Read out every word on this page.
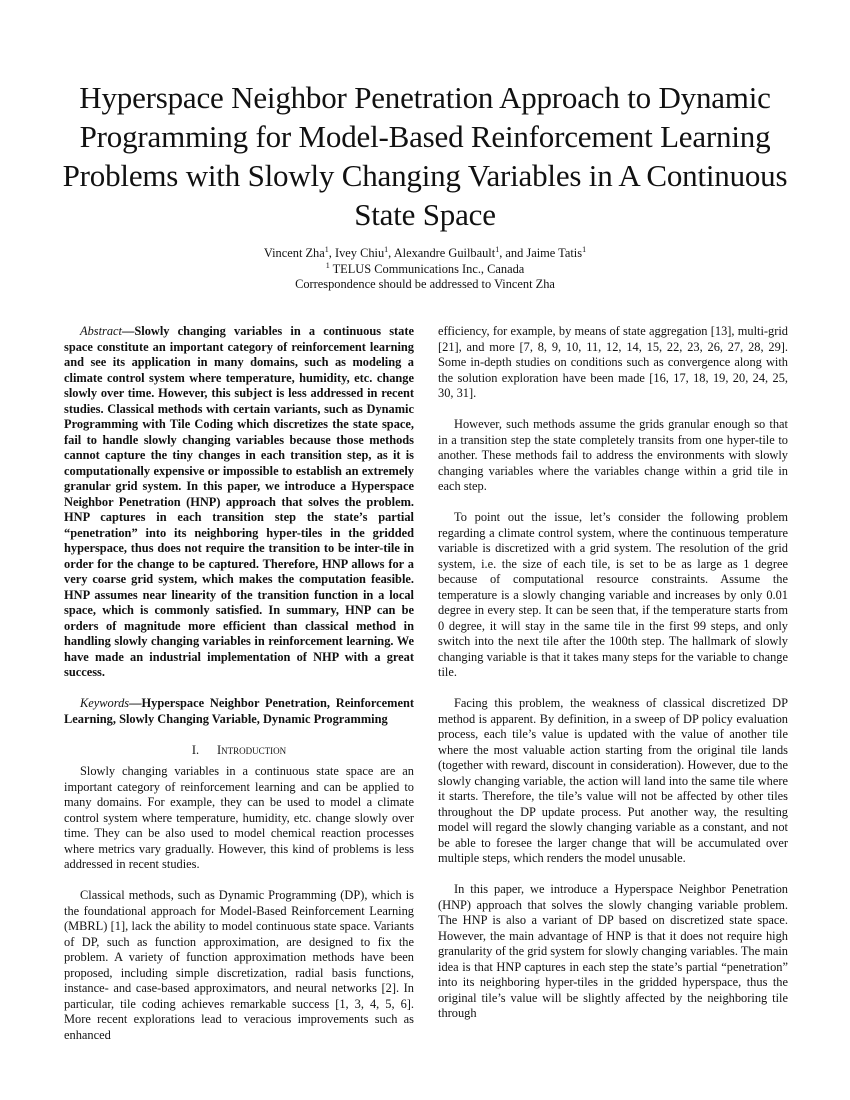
Hyperspace Neighbor Penetration Approach to Dynamic Programming for Model-Based Reinforcement Learning Problems with Slowly Changing Variables in A Continuous State Space
Vincent Zha$^1$, Ivey Chiu$^1$, Alexandre Guilbault$^1$, and Jaime Tatis$^1$
$^1$ TELUS Communications Inc., Canada
Correspondence should be addressed to Vincent Zha

Abstract—Slowly changing variables in a continuous state space constitute an important category of reinforcement learning and see its application in many domains, such as modeling a climate control system where temperature, humidity, etc. change slowly over time. However, this subject is less addressed in recent studies. Classical methods with certain variants, such as Dynamic Programming with Tile Coding which discretizes the state space, fail to handle slowly changing variables because those methods cannot capture the tiny changes in each transition step, as it is computationally expensive or impossible to establish an extremely granular grid system. In this paper, we introduce a Hyperspace Neighbor Penetration (HNP) approach that solves the problem. HNP captures in each transition step the state’s partial “penetration” into its neighboring hyper-tiles in the gridded hyperspace, thus does not require the transition to be inter-tile in order for the change to be captured. Therefore, HNP allows for a very coarse grid system, which makes the computation feasible. HNP assumes near linearity of the transition function in a local space, which is commonly satisfied. In summary, HNP can be orders of magnitude more efficient than classical method in handling slowly changing variables in reinforcement learning. We have made an industrial implementation of NHP with a great success.

Keywords—Hyperspace Neighbor Penetration, Reinforcement Learning, Slowly Changing Variable, Dynamic Programming

I. Introduction

Slowly changing variables in a continuous state space are an important category of reinforcement learning and can be applied to many domains. For example, they can be used to model a climate control system where temperature, humidity, etc. change slowly over time. They can be also used to model chemical reaction processes where metrics vary gradually. However, this kind of problems is less addressed in recent studies.

Classical methods, such as Dynamic Programming (DP), which is the foundational approach for Model-Based Reinforcement Learning (MBRL) [1], lack the ability to model continuous state space. Variants of DP, such as function approximation, are designed to fix the problem. A variety of function approximation methods have been proposed, including simple discretization, radial basis functions, instance- and case-based approximators, and neural networks [2]. In particular, tile coding achieves remarkable success [1, 3, 4, 5, 6]. More recent explorations lead to veracious improvements such as enhanced

efficiency, for example, by means of state aggregation [13], multi-grid [21], and more [7, 8, 9, 10, 11, 12, 14, 15, 22, 23, 26, 27, 28, 29]. Some in-depth studies on conditions such as convergence along with the solution exploration have been made [16, 17, 18, 19, 20, 24, 25, 30, 31].

However, such methods assume the grids granular enough so that in a transition step the state completely transits from one hyper-tile to another. These methods fail to address the environments with slowly changing variables where the variables change within a grid tile in each step.

To point out the issue, let’s consider the following problem regarding a climate control system, where the continuous temperature variable is discretized with a grid system. The resolution of the grid system, i.e. the size of each tile, is set to be as large as 1 degree because of computational resource constraints. Assume the temperature is a slowly changing variable and increases by only 0.01 degree in every step. It can be seen that, if the temperature starts from 0 degree, it will stay in the same tile in the first 99 steps, and only switch into the next tile after the 100th step. The hallmark of slowly changing variable is that it takes many steps for the variable to change tile.

Facing this problem, the weakness of classical discretized DP method is apparent. By definition, in a sweep of DP policy evaluation process, each tile’s value is updated with the value of another tile where the most valuable action starting from the original tile lands (together with reward, discount in consideration). However, due to the slowly changing variable, the action will land into the same tile where it starts. Therefore, the tile’s value will not be affected by other tiles throughout the DP update process. Put another way, the resulting model will regard the slowly changing variable as a constant, and not be able to foresee the larger change that will be accumulated over multiple steps, which renders the model unusable.

In this paper, we introduce a Hyperspace Neighbor Penetration (HNP) approach that solves the slowly changing variable problem. The HNP is also a variant of DP based on discretized state space. However, the main advantage of HNP is that it does not require high granularity of the grid system for slowly changing variables. The main idea is that HNP captures in each step the state’s partial “penetration” into its neighboring hyper-tiles in the gridded hyperspace, thus the original tile’s value will be slightly affected by the neighboring tile through
